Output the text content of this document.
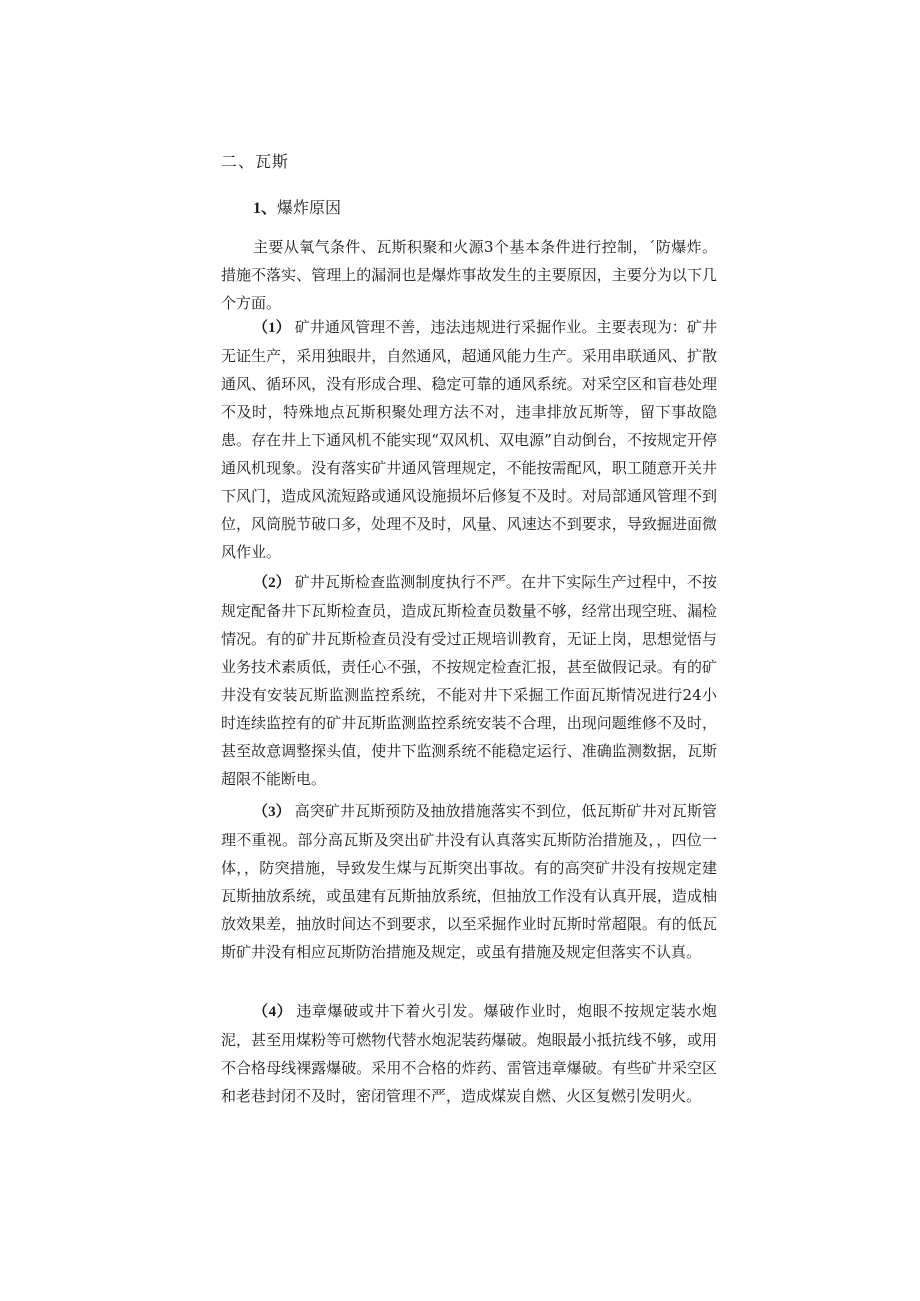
二、瓦斯
1、爆炸原因

主要从氧气条件、瓦斯积聚和火源3个基本条件进行控制，´防爆炸。措施不落实、管理上的漏洞也是爆炸事故发生的主要原因，主要分为以下几个方面。

（1） 矿井通风管理不善，违法违规进行采掘作业。主要表现为：矿井无证生产，采用独眼井，自然通风，超通风能力生产。采用串联通风、扩散通风、循环风，没有形成合理、稳定可靠的通风系统。对采空区和盲巷处理不及时，特殊地点瓦斯积聚处理方法不对，违聿排放瓦斯等，留下事故隐患。存在井上下通风机不能实现“双风机、双电源”自动倒台，不按规定开停通风机现象。没有落实矿井通风管理规定，不能按需配风，职工随意开关井下风门，造成风流短路或通风设施损坏后修复不及时。对局部通风管理不到位，风筒脱节破口多，处理不及时，风量、风速达不到要求，导致掘进面微风作业。

（2） 矿井瓦斯检查监测制度执行不严。在井下实际生产过程中，不按规定配备井下瓦斯检查员，造成瓦斯检查员数量不够，经常出现空班、漏检情况。有的矿井瓦斯检查员没有受过正规培训教育，无证上岗，思想觉悟与业务技术素质低，责任心不强，不按规定检查汇报，甚至做假记录。有的矿井没有安装瓦斯监测监控系统，不能对井下采掘工作面瓦斯情况进行24小时连续监控有的矿井瓦斯监测监控系统安装不合理，出现问题维修不及时，甚至故意调整探头值，使井下监测系统不能稳定运行、准确监测数据，瓦斯超限不能断电。

（3） 高突矿井瓦斯预防及抽放措施落实不到位，低瓦斯矿井对瓦斯管理不重视。部分高瓦斯及突出矿井没有认真落实瓦斯防治措施及，，四位一体，，防突措施，导致发生煤与瓦斯突出事故。有的高突矿井没有按规定建瓦斯抽放系统，或虽建有瓦斯抽放系统，但抽放工作没有认真开展，造成柚放效果差，抽放时间达不到要求，以至采掘作业时瓦斯时常超限。有的低瓦斯矿井没有相应瓦斯防治措施及规定，或虽有措施及规定但落实不认真。

（4） 违章爆破或井下着火引发。爆破作业时，炮眼不按规定装水炮泥，甚至用煤粉等可燃物代替水炮泥装药爆破。炮眼最小抵抗线不够，或用不合格母线裸露爆破。采用不合格的炸药、雷管违章爆破。有些矿井采空区和老巷封闭不及时，密闭管理不严，造成煤炭自燃、火区复燃引发明火。
